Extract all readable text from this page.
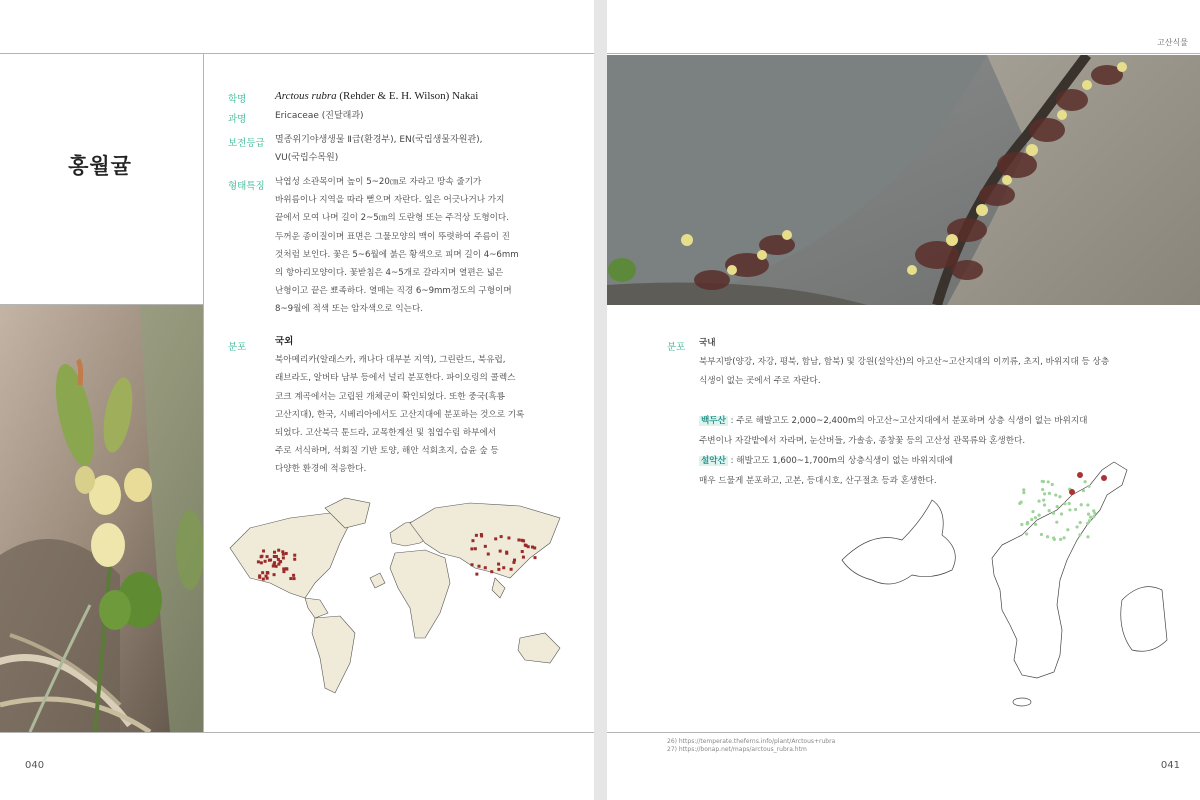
홍월귤
학명	Arctous rubra (Rehder & E. H. Wilson) Nakai
과명	Ericaceae (진달래과)
보전등급 멸종위기야생생물 Ⅱ급(환경부), EN(국립생물자원관),
VU(국립수목원)
형태특징 낙엽성 소관목이며 높이 5~20㎝로 자라고 땅속 줄기가
바위름이나 지역을 따라 뻗으며 자란다. 잎은 어긋나거나 가지
끝에서 모여 나며 길이 2~5㎝의 도란형 또는 주걱상 도형이다.
두꺼운 종이질이며 표면은 그물모양의 맥이 뚜렷하여 주름이 진
것처럼 보인다. 꽃은 5~6월에 붉은 황색으로 피며 길이 4~6mm
의 항아리모양이다. 꽃받침은 4~5개로 갈라지며 열편은 넓은
난형이고 끝은 뾰족하다. 열매는 직경 6~9mm정도의 구형이며
8~9월에 적색 또는 암자색으로 익는다.
분포
국외
북아메리카(알래스카, 캐나다 대부분 지역), 그린란드, 북유럽,
래브라도, 알버타 남부 등에서 널리 분포한다. 파이오링의 콜렉스
코크 계곡에서는 고립된 개체군이 확인되었다. 또한 중국(흑룡
고산지대), 한국, 시베리아에서도 고산지대에 분포하는 것으로 기록
되었다. 고산북극 툰드라, 교목한계선 및 침엽수림 하부에서
주로 서식하며, 석회질 기반 토양, 해안 석회초지, 습윤 숲 등
다양한 환경에 적응한다.
040
고산식물
분포 국내
북부지방(양강, 자강, 평북, 함남, 함북) 및 강원(설악산)의 아고산~고산지대의 이끼류, 초지, 바위지대 등 상층
식생이 없는 곳에서 주로 자란다.
백두산 : 주로 해발고도 2,000~2,400m의 아고산~고산지대에서 분포하며 상층 식생이 없는 바위지대
주변이나 자갈밭에서 자라며, 눈산버들, 가솔송, 종창꽃 등의 고산성 관목류와 혼생한다.
설악산 : 해발고도 1,600~1,700m의 상층식생이 없는 바위지대에
매우 드물게 분포하고, 고본, 등대시호, 산구절초 등과 혼생한다.
26) https://temperate.theferns.info/plant/Arctous+rubra
27) https://bonap.net/maps/arctous_rubra.htm
041
